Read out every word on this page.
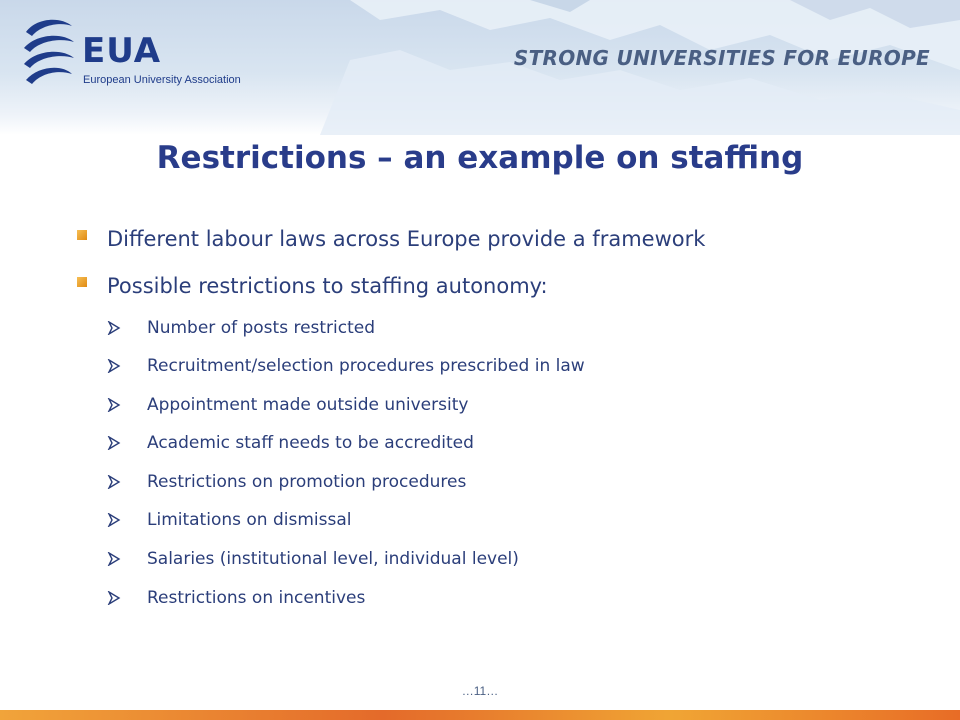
EUA
European University Association
STRONG UNIVERSITIES FOR EUROPE
Restrictions – an example on staffing
Different labour laws across Europe provide a framework
Possible restrictions to staffing autonomy:
Number of posts restricted
Recruitment/selection procedures prescribed in law
Appointment made outside university
Academic staff needs to be accredited
Restrictions on promotion procedures
Limitations on dismissal
Salaries (institutional level, individual level)
Restrictions on incentives
…11…
